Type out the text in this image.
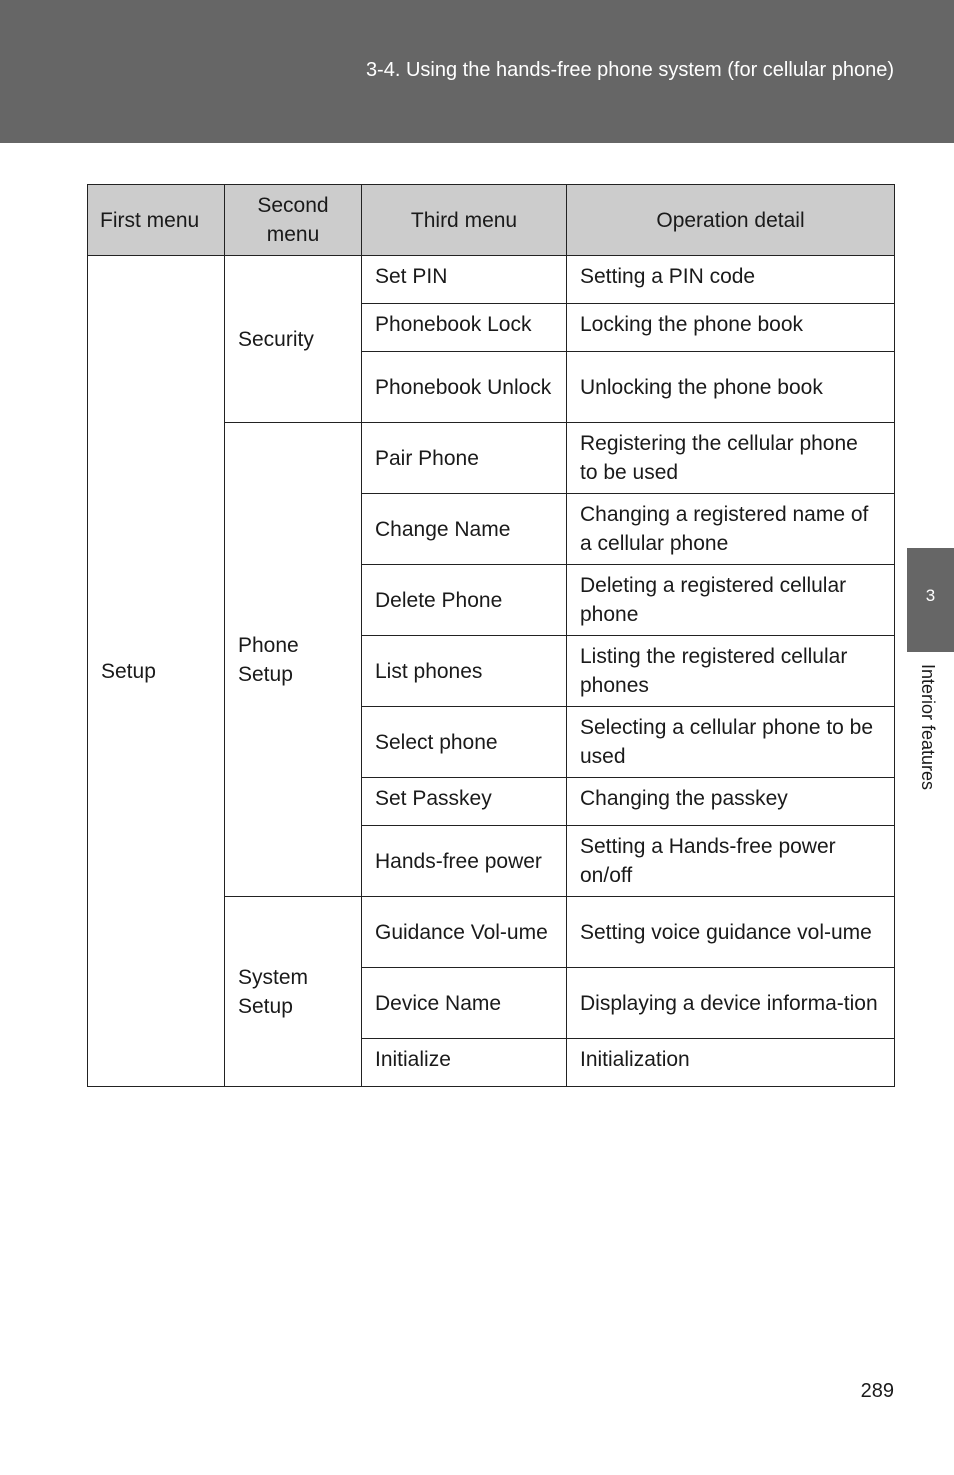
3-4. Using the hands-free phone system (for cellular phone)
3
Interior features
First menu	Second menu	Third menu	Operation detail
Setup	Security	Set PIN	Setting a PIN code
		Phonebook Lock	Locking the phone book
		Phonebook Unlock	Unlocking the phone book
	Phone Setup	Pair Phone	Registering the cellular phone to be used
		Change Name	Changing a registered name of a cellular phone
		Delete Phone	Deleting a registered cellular phone
		List phones	Listing the registered cellular phones
		Select phone	Selecting a cellular phone to be used
		Set Passkey	Changing the passkey
		Hands-free power	Setting a Hands-free power on/off
	System Setup	Guidance Vol-ume	Setting voice guidance vol-ume
		Device Name	Displaying a device informa-tion
		Initialize	Initialization
289
